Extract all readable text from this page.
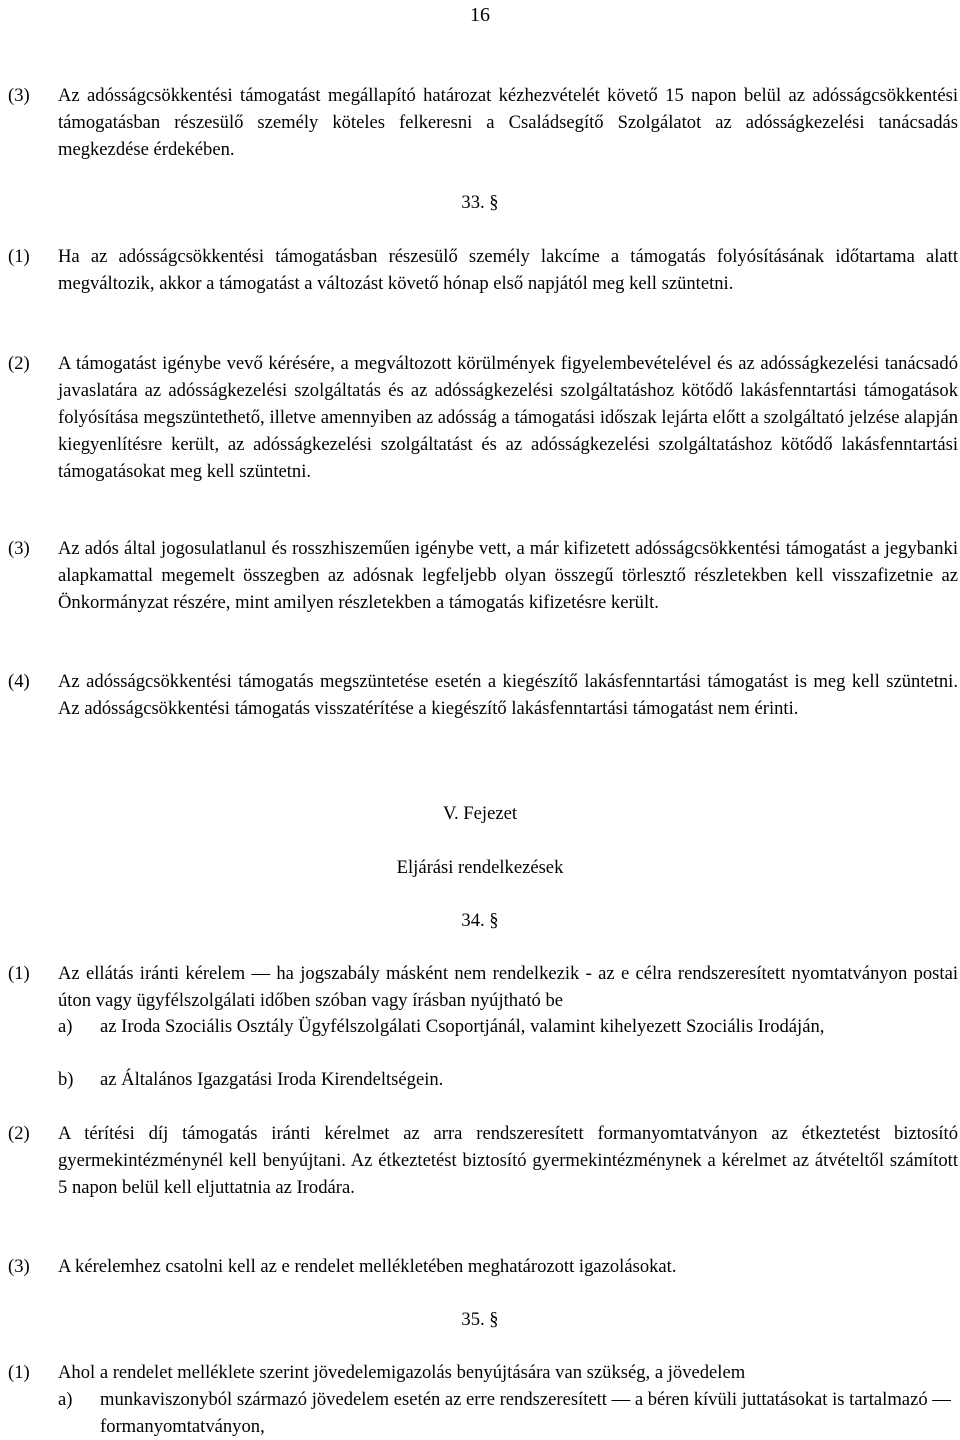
16
(3) Az adósságcsökkentési támogatást megállapító határozat kézhezvételét követő 15 napon belül az adósságcsökkentési támogatásban részesülő személy köteles felkeresni a Családsegítő Szolgálatot az adósságkezelési tanácsadás megkezdése érdekében.
33. §
(1) Ha az adósságcsökkentési támogatásban részesülő személy lakcíme a támogatás folyósításának időtartama alatt megváltozik, akkor a támogatást a változást követő hónap első napjától meg kell szüntetni.
(2) A támogatást igénybe vevő kérésére, a megváltozott körülmények figyelembevételével és az adósságkezelési tanácsadó javaslatára az adósságkezelési szolgáltatás és az adósságkezelési szolgáltatáshoz kötődő lakásfenntartási támogatások folyósítása megszüntethető, illetve amennyiben az adósság a támogatási időszak lejárta előtt a szolgáltató jelzése alapján kiegyenlítésre került, az adósságkezelési szolgáltatást és az adósságkezelési szolgáltatáshoz kötődő lakásfenntartási támogatásokat meg kell szüntetni.
(3) Az adós által jogosulatlanul és rosszhiszeműen igénybe vett, a már kifizetett adósságcsökkentési támogatást a jegybanki alapkamattal megemelt összegben az adósnak legfeljebb olyan összegű törlesztő részletekben kell visszafizetnie az Önkormányzat részére, mint amilyen részletekben a támogatás kifizetésre került.
(4) Az adósságcsökkentési támogatás megszüntetése esetén a kiegészítő lakásfenntartási támogatást is meg kell szüntetni. Az adósságcsökkentési támogatás visszatérítése a kiegészítő lakásfenntartási támogatást nem érinti.
V. Fejezet
Eljárási rendelkezések
34. §
(1) Az ellátás iránti kérelem — ha jogszabály másként nem rendelkezik - az e célra rendszeresített nyomtatványon postai úton vagy ügyfélszolgálati időben szóban vagy írásban nyújtható be
a) az Iroda Szociális Osztály Ügyfélszolgálati Csoportjánál, valamint kihelyezett Szociális Irodáján,
b) az Általános Igazgatási Iroda Kirendeltségein.
(2) A térítési díj támogatás iránti kérelmet az arra rendszeresített formanyomtatványon az étkeztetést biztosító gyermekintézménynél kell benyújtani. Az étkeztetést biztosító gyermekintézménynek a kérelmet az átvételtől számított 5 napon belül kell eljuttatnia az Irodára.
(3) A kérelemhez csatolni kell az e rendelet mellékletében meghatározott igazolásokat.
35. §
(1) Ahol a rendelet melléklete szerint jövedelemigazolás benyújtására van szükség, a jövedelem
a) munkaviszonyból származó jövedelem esetén az erre rendszeresített — a béren kívüli juttatásokat is tartalmazó — formanyomtatványon,
